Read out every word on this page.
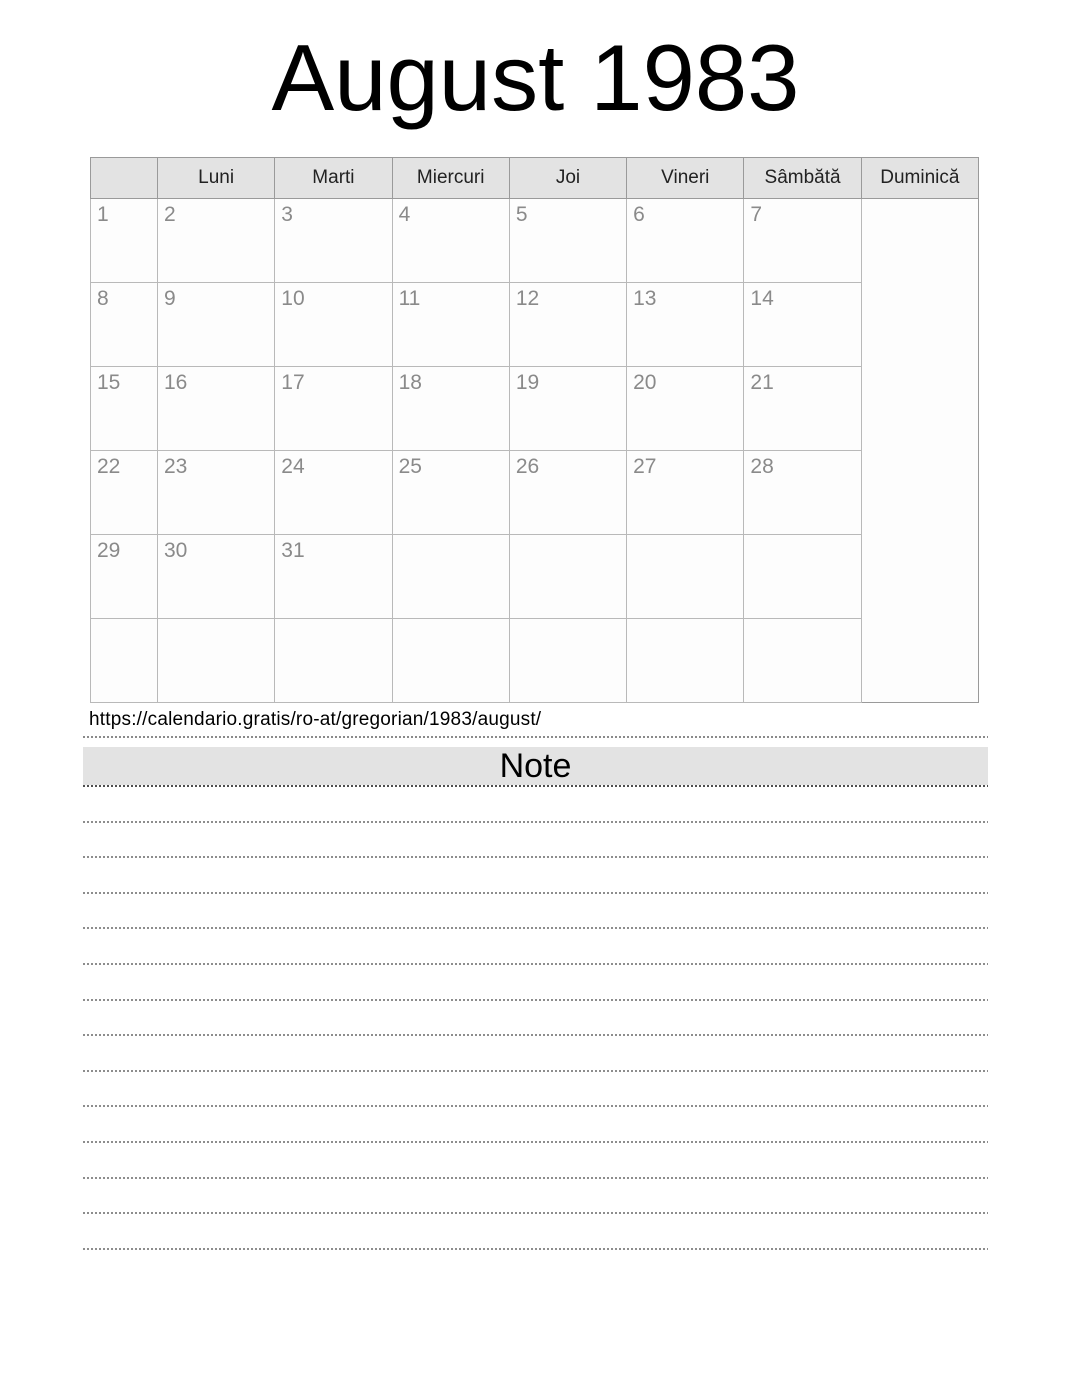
August 1983
	Luni	Marti	Miercuri	Joi	Vineri	Sâmbătă	Duminică
1	2	3	4	5	6	7	
8	9	10	11	12	13	14	
15	16	17	18	19	20	21	
22	23	24	25	26	27	28	
29	30	31					

https://calendario.gratis/ro-at/gregorian/1983/august/
Note
